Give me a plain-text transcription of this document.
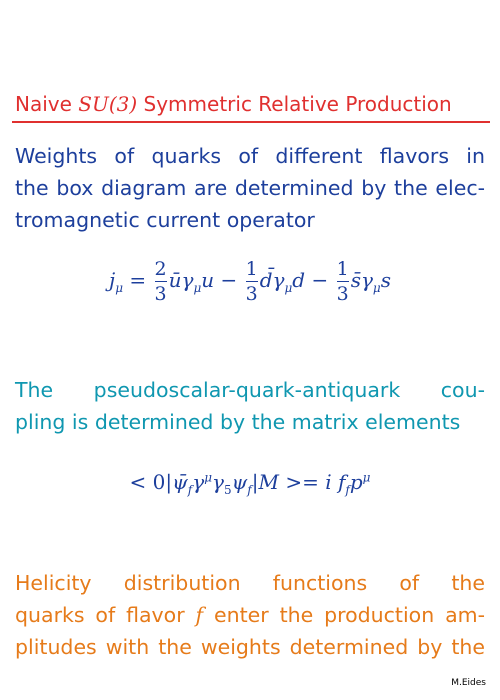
Naive SU(3) Symmetric Relative Production
Weights of quarks of different flavors in
the box diagram are determined by the elec-
tromagnetic current operator
$j_\mu = \frac{2}{3}$ $ū\gamma_\mu u - \frac{1}{3}$ $d̄\gamma_\mu d - \frac{1}{3}$ $s̄\gamma_\mu s$
The pseudoscalar-quark-antiquark cou-
pling is determined by the matrix elements
< $0|\psī_f\gamma^\mu\gamma_5\psi_f|M >= i$ $f_fp^\mu$
Helicity distribution functions of the
quarks of flavor f enter the production am-
plitudes with the weights determined by the
M.Eides
